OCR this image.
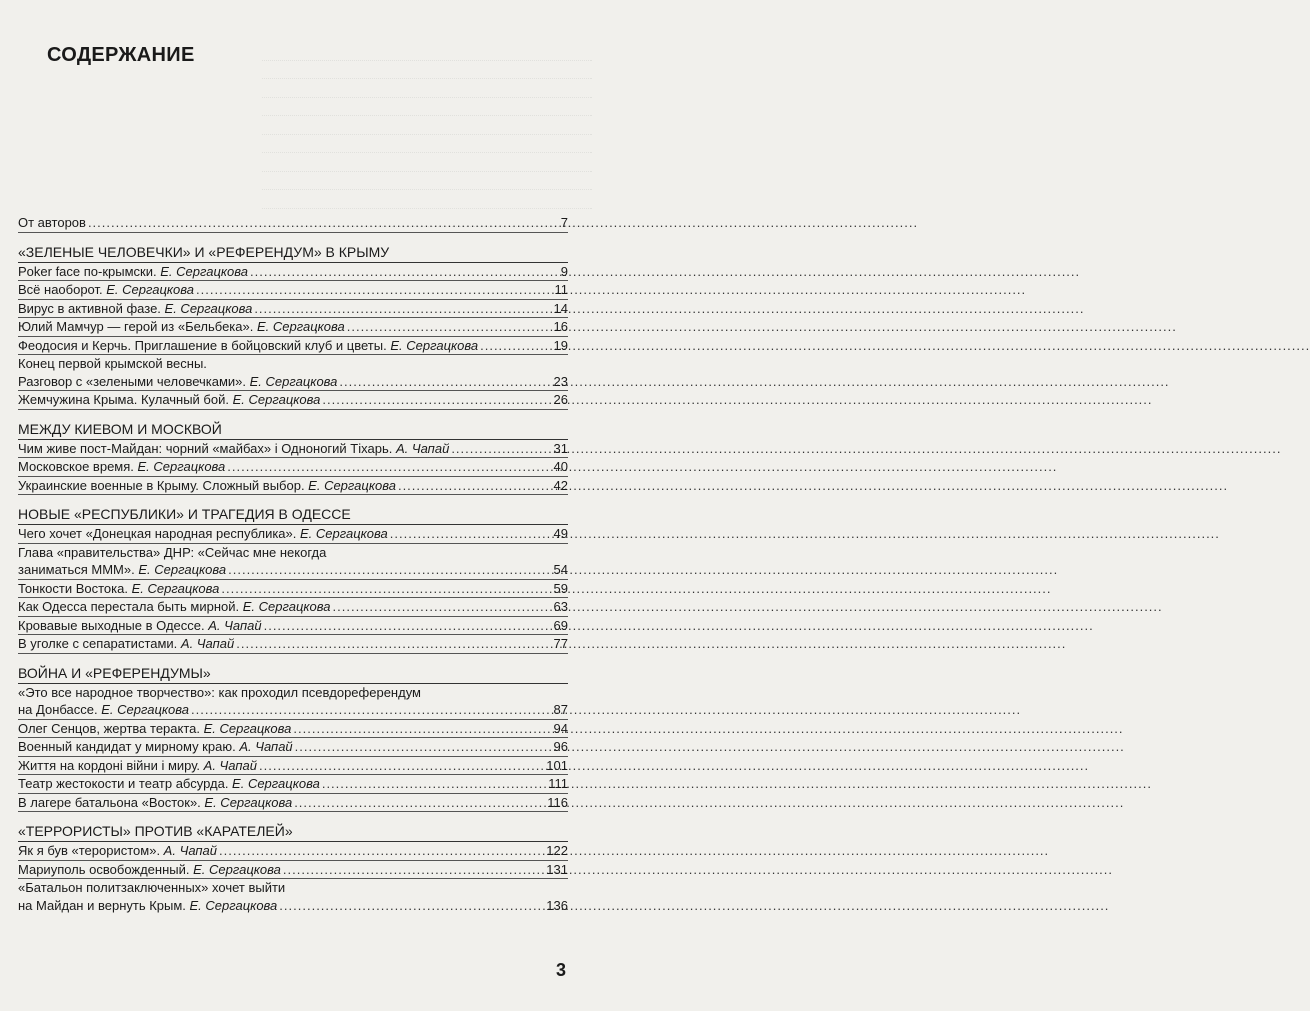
СОДЕРЖАНИЕ
От авторов .....	7
«ЗЕЛЕНЫЕ ЧЕЛОВЕЧКИ» И «РЕФЕРЕНДУМ» В КРЫМУ
Poker face по-крымски. Е. Сергацкова .....	9
Всё наоборот. Е. Сергацкова .....	11
Вирус в активной фазе. Е. Сергацкова .....	14
Юлий Мамчур — герой из «Бельбека». Е. Сергацкова .....	16
Феодосия и Керчь. Приглашение в бойцовский клуб и цветы. Е. Сергацкова .....	19
Конец первой крымской весны.
Разговор с «зелеными человечками». Е. Сергацкова .....	23
Жемчужина Крыма. Кулачный бой. Е. Сергацкова .....	26
МЕЖДУ КИЕВОМ И МОСКВОЙ
Чим живе пост-Майдан: чорний «майбах» і Одноногий Тіхарь. А. Чапай .....	31
Московское время. Е. Сергацкова .....	40
Украинские военные в Крыму. Сложный выбор. Е. Сергацкова .....	42
НОВЫЕ «РЕСПУБЛИКИ» И ТРАГЕДИЯ В ОДЕССЕ
Чего хочет «Донецкая народная республика». Е. Сергацкова .....	49
Глава «правительства» ДНР: «Сейчас мне некогда
заниматься МММ». Е. Сергацкова .....	54
Тонкости Востока. Е. Сергацкова .....	59
Как Одесса перестала быть мирной. Е. Сергацкова .....	63
Кровавые выходные в Одессе. А. Чапай .....	69
В уголке с сепаратистами. А. Чапай .....	77
ВОЙНА И «РЕФЕРЕНДУМЫ»
«Это все народное творчество»: как проходил псевдореферендум
на Донбассе. Е. Сергацкова .....	87
Олег Сенцов, жертва теракта. Е. Сергацкова .....	94
Военный кандидат у мирному краю. А. Чапай .....	96
Життя на кордоні війни і миру. А. Чапай .....	101
Театр жестокости и театр абсурда. Е. Сергацкова .....	111
В лагере батальона «Восток». Е. Сергацкова .....	116
«ТЕРРОРИСТЫ» ПРОТИВ «КАРАТЕЛЕЙ»
Як я був «терористом». А. Чапай .....	122
Мариуполь освобожденный. Е. Сергацкова .....	131
«Батальон политзаключенных» хочет выйти
на Майдан и вернуть Крым. Е. Сергацкова .....	136
3
